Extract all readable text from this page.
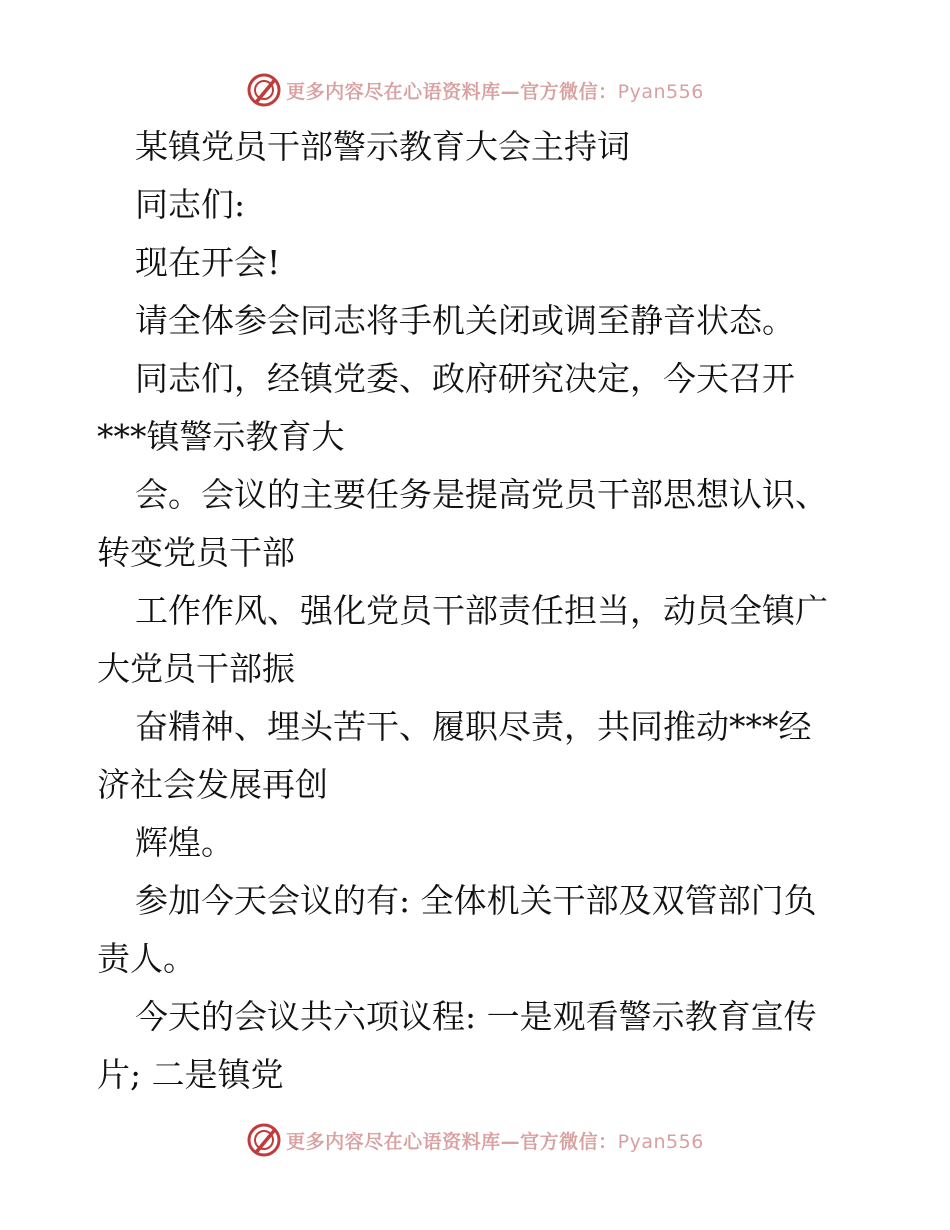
更多内容尽在心语资料库—官方微信：Pyan556

某镇党员干部警示教育大会主持词

同志们:

现在开会!

请全体参会同志将手机关闭或调至静音状态。

同志们，经镇党委、政府研究决定，今天召开

***镇警示教育大

会。会议的主要任务是提高党员干部思想认识、

转变党员干部

工作作风、强化党员干部责任担当，动员全镇广

大党员干部振

奋精神、埋头苦干、履职尽责，共同推动***经

济社会发展再创

辉煌。

参加今天会议的有: 全体机关干部及双管部门负

责人。

今天的会议共六项议程: 一是观看警示教育宣传

片; 二是镇党

更多内容尽在心语资料库—官方微信：Pyan556
